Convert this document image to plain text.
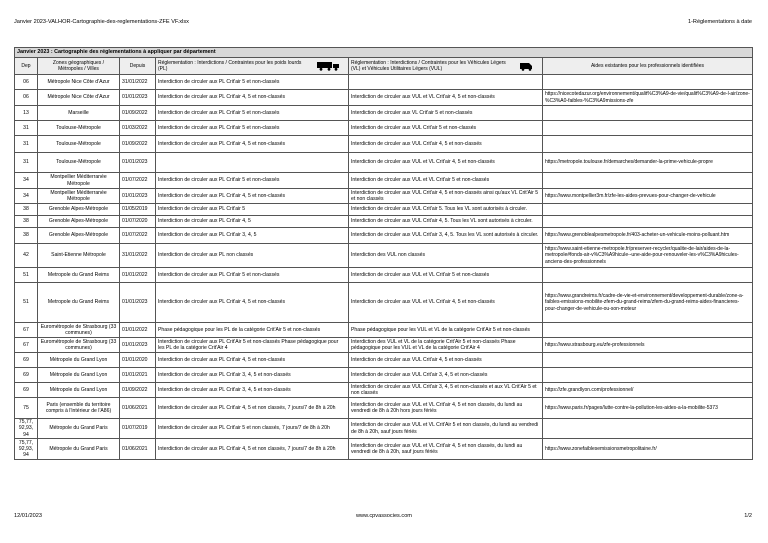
Janvier 2023-VALHOR-Cartographie-des-reglementations-ZFE VF.xlsx	1-Réglementations à date
Janvier 2023 : Cartographie des réglementations à appliquer par département					
Dep	Zones géographiques / Métropoles / Villes	Depuis	Réglementation : Interdictions / Contraintes pour les poids lourds (PL)	Réglementation : Interdictions / Contraintes pour les Véhicules Légers (VL) et Véhicules Utilitaires Légers (VUL)	Aides existantes pour les professionnels identifiées
06	Métropole Nice Côte d'Azur	31/01/2022	Interdiction de circuler aux PL Crit'air 5 et non-classés		
06	Métropole Nice Côte d'Azur	01/01/2023	Interdiction de circuler aux PL Crit'air 4, 5 et non-classés	Interdiction de circuler aux VUL et VL Crit'air 4, 5 et non-classés	https://nicecotedazur.org/environnement/qualit%C3%A9-de-vie/qualit%C3%A9-de-l-air/zone-%C3%A0-faibles-%C3%A9missions-zfe
13	Marseille	01/09/2022	Interdiction de circuler aux PL Crit'air 5 et non-classés	Interdiction de circuler aux VL Crit'air 5 et non-classés	
31	Toulouse-Métropole	01/03/2022	Interdiction de circuler aux PL Crit'air 5 et non-classés	Interdiction de circuler aux VUL Crit'air 5 et non-classés	
31	Toulouse-Métropole	01/09/2022	Interdiction de circuler aux PL Crit'air 4, 5 et non-classés	Interdiction de circuler aux VUL Crit'air 4, 5 et non-classés	
31	Toulouse-Métropole	01/01/2023		Interdiction de circuler aux VUL et VL Crit'air 4, 5 et non-classés	https://metropole.toulouse.fr/demarches/demander-la-prime-vehicule-propre
34	Montpellier Méditerranée Métropole	01/07/2022	Interdiction de circuler aux PL Crit'air 5 et non-classés	Interdiction de circuler aux VUL et VL Crit'air 5 et non-classés	
34	Montpellier Méditerranée Métropole	01/01/2023	Interdiction de circuler aux PL Crit'air 4, 5 et non-classés	Interdiction de circuler aux VUL Crit'air 4, 5 et non-classés ainsi qu'aux VL Crit'Air 5 et non classés	https://www.montpellier3m.fr/zfe-les-aides-prevues-pour-changer-de-vehicule
38	Grenoble Alpes-Métropole	01/05/2019	Interdiction de circuler aux PL Crit'air 5	Interdiction de circuler aux VUL Crit'air 5. Tous les VL sont autorisés à circuler.	
38	Grenoble Alpes-Métropole	01/07/2020	Interdiction de circuler aux PL Crit'air 4, 5	Interdiction de circuler aux VUL Crit'air 4, 5. Tous les VL sont autorisés à circuler.	
38	Grenoble Alpes-Métropole	01/07/2022	Interdiction de circuler aux PL Crit'air 3, 4, 5	Interdiction de circuler aux VUL Crit'air 3, 4, 5. Tous les VL sont autorisés à circuler.	https://www.grenoblealpesmetropole.fr/403-acheter-un-vehicule-moins-polluant.htm
42	Saint-Etienne Métropole	31/01/2022	Interdiction de circuler aux PL non classés	Interdiction des VUL non classés	https://www.saint-etienne-metropole.fr/preserver-recycler/qualite-de-lair/aides-de-la-metropole#fonds-air-v%C3%A9hicule--une-aide-pour-renouveler-les-v%C3%A9hicules-anciens-des-professionnels
51	Metropole du Grand Reims	01/01/2022	Interdiction de circuler aux PL Crit'air 5 et non-classés	Interdiction de circuler aux VUL et VL Crit'air 5 et non-classés	
51	Metropole du Grand Reims	01/01/2023	Interdiction de circuler aux PL Crit'air 4, 5 et non-classés	Interdiction de circuler aux VUL et VL Crit'air 4, 5 et non-classés	https://www.grandreims.fr/cadre-de-vie-et-environnement/developpement-durable/zone-a-faibles-emissions-mobilite-zfem-du-grand-reims/zfem-du-grand-reims-aides-financieres-pour-changer-de-vehicule-ou-son-moteur
67	Eurométropole de Strasbourg (33 communes)	01/01/2022	Phase pédagogique pour les PL de la catégorie Crit'Air 5 et non-classés	Phase pédagogique pour les VUL et VL de la catégorie Crit'Air 5 et non-classés	
67	Eurométropole de Strasbourg (33 communes)	01/01/2023	Interdiction de circuler aux PL Crit'Air 5 et non-classés Phase pédagogique pour les PL de la catégorie Crit'Air 4	Interdiction des VUL et VL de la catégorie Crit'Air 5 et non-classés Phase pédagogique pour les VUL et VL de la catégorie Crit'Air 4	https://www.strasbourg.eu/zfe-professionnels
69	Métropole du Grand Lyon	01/01/2020	Interdiction de circuler aux PL Crit'air 4, 5 et non-classés	Interdiction de circuler aux VUL Crit'air 4, 5 et non-classés	
69	Métropole du Grand Lyon	01/01/2021	Interdiction de circuler aux PL Crit'air 3, 4, 5 et non-classés	Interdiction de circuler aux VUL Crit'air 3, 4, 5 et non-classés	
69	Métropole du Grand Lyon	01/09/2022	Interdiction de circuler aux PL Crit'air 3, 4, 5 et non-classés	Interdiction de circuler aux VUL Crit'air 3, 4, 5 et non-classés et aux VL Crit'Air 5 et non classés	https://zfe.grandlyon.com/professionnel/
75	Paris (ensemble du territoire compris à l'intérieur de l'A86)	01/06/2021	Interdiction de circuler aux PL Crit'air 4, 5 et non classés, 7 jours/7 de 8h à 20h	Interdiction de circuler aux VUL et VL Crit'air 4, 5 et non classés, du lundi au vendredi de 8h à 20h hors jours fériés	https://www.paris.fr/pages/lutte-contre-la-pollution-les-aides-a-la-mobilite-5373
75,77, 92,93, 94	Métropole du Grand Paris	01/07/2019	Interdiction de circuler aux PL Crit'air 5 et non classés, 7 jours/7 de 8h à 20h	Interdiction de circuler aux VUL et VL Crit'Air 5 et non classés, du lundi au vendredi de 8h à 20h, sauf jours fériés	
75,77, 92,93, 94	Métropole du Grand Paris	01/06/2021	Interdiction de circuler aux PL Crit'air 4, 5 et non classés, 7 jours/7 de 8h à 20h	Interdiction de circuler aux VUL et VL Crit'air 4, 5 et non classés, du lundi au vendredi de 8h à 20h, sauf jours fériés	https://www.zonefaiblesemissionsmetropolitaine.fr/
12/01/2023	www.cpvassocies.com	1/2
